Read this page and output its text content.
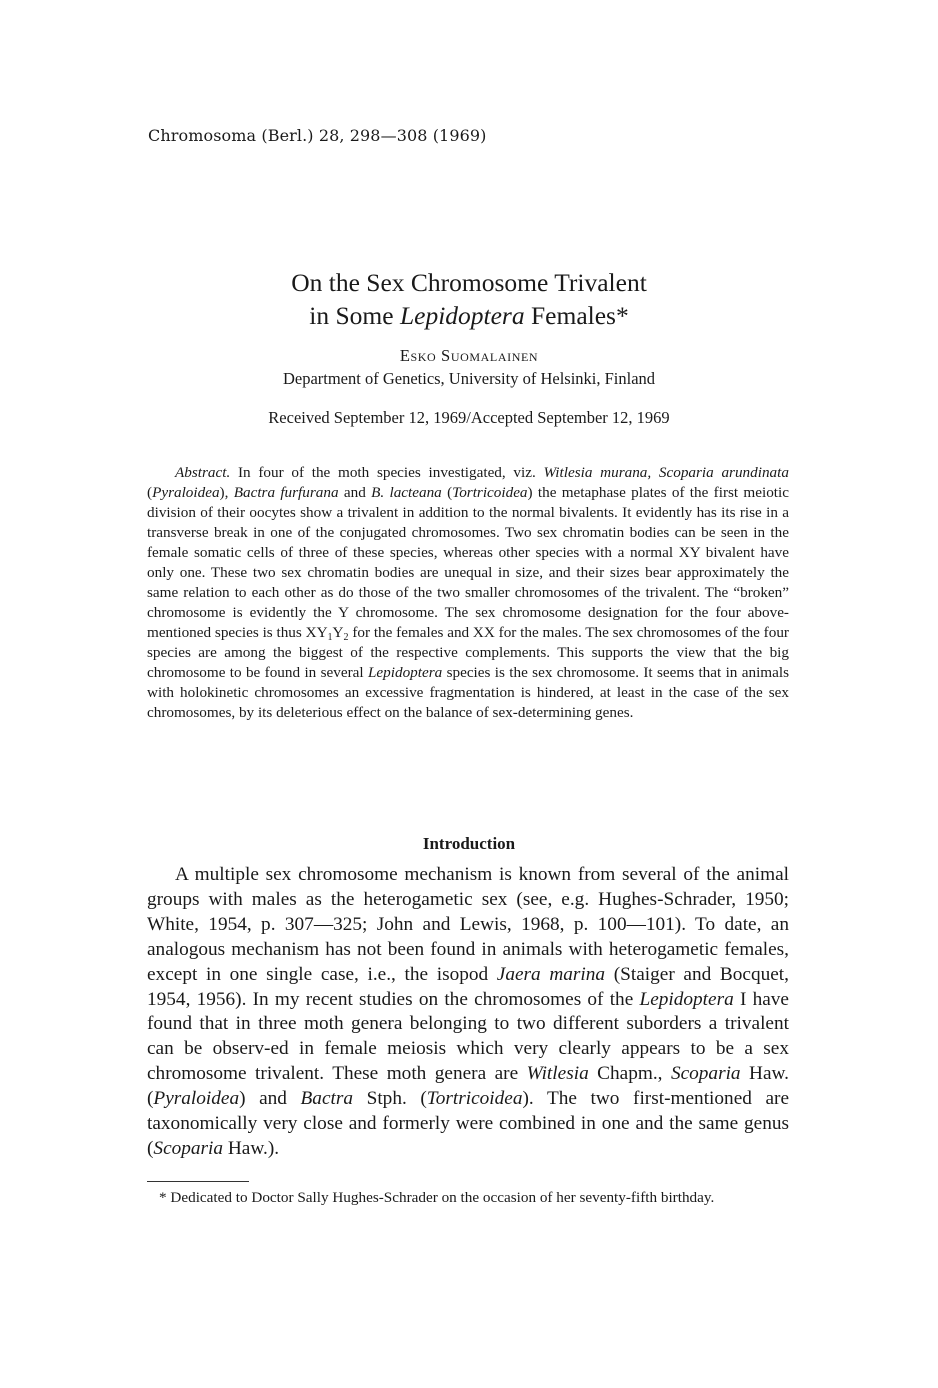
Chromosoma (Berl.) 28, 298—308 (1969)
On the Sex Chromosome Trivalent
in Some Lepidoptera Females*
Esko Suomalainen
Department of Genetics, University of Helsinki, Finland
Received September 12, 1969/Accepted September 12, 1969
Abstract. In four of the moth species investigated, viz. Witlesia murana, Scoparia arundinata (Pyraloidea), Bactra furfurana and B. lacteana (Tortricoidea) the metaphase plates of the first meiotic division of their oocytes show a trivalent in addition to the normal bivalents. It evidently has its rise in a transverse break in one of the conjugated chromosomes. Two sex chromatin bodies can be seen in the female somatic cells of three of these species, whereas other species with a normal XY bivalent have only one. These two sex chromatin bodies are unequal in size, and their sizes bear approximately the same relation to each other as do those of the two smaller chromosomes of the trivalent. The “broken” chromosome is evidently the Y chromosome. The sex chromosome designation for the four above-mentioned species is thus $XY_1Y_2$ for the females and XX for the males. The sex chromosomes of the four species are among the biggest of the respective complements. This supports the view that the big chromosome to be found in several Lepidoptera species is the sex chromosome. It seems that in animals with holokinetic chromosomes an excessive fragmentation is hindered, at least in the case of the sex chromosomes, by its deleterious effect on the balance of sex-determining genes.
Introduction
A multiple sex chromosome mechanism is known from several of the animal groups with males as the heterogametic sex (see, e.g. Hughes-Schrader, 1950; White, 1954, p. 307—325; John and Lewis, 1968, p. 100—101). To date, an analogous mechanism has not been found in animals with heterogametic females, except in one single case, i.e., the isopod Jaera marina (Staiger and Bocquet, 1954, 1956). In my recent studies on the chromosomes of the Lepidoptera I have found that in three moth genera belonging to two different suborders a trivalent can be observ-ed in female meiosis which very clearly appears to be a sex chromosome trivalent. These moth genera are Witlesia Chapm., Scoparia Haw. (Pyraloidea) and Bactra Stph. (Tortricoidea). The two first-mentioned are taxonomically very close and formerly were combined in one and the same genus (Scoparia Haw.).
* Dedicated to Doctor Sally Hughes-Schrader on the occasion of her seventy-fifth birthday.
